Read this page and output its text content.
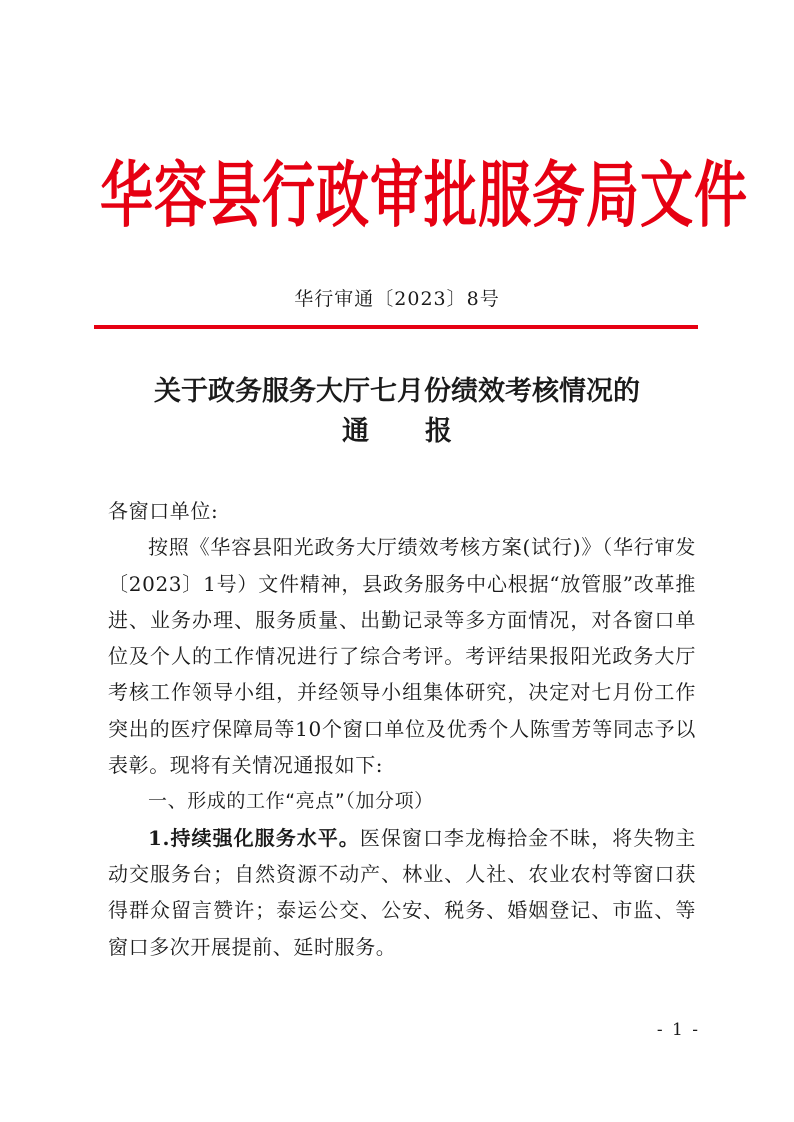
华容县行政审批服务局文件
华行审通〔2023〕8号
关于政务服务大厅七月份绩效考核情况的
通报

各窗口单位:

按照《华容县阳光政务大厅绩效考核方案(试行)》（华行审发〔2023〕1号）文件精神，县政务服务中心根据“放管服”改革推进、业务办理、服务质量、出勤记录等多方面情况，对各窗口单位及个人的工作情况进行了综合考评。考评结果报阳光政务大厅考核工作领导小组，并经领导小组集体研究，决定对七月份工作突出的医疗保障局等10个窗口单位及优秀个人陈雪芳等同志予以表彰。现将有关情况通报如下:

一、形成的工作“亮点”（加分项）

1.持续强化服务水平。医保窗口李龙梅拾金不昧，将失物主动交服务台；自然资源不动产、林业、人社、农业农村等窗口获得群众留言赞许；泰运公交、公安、税务、婚姻登记、市监、等窗口多次开展提前、延时服务。

- 1 -
